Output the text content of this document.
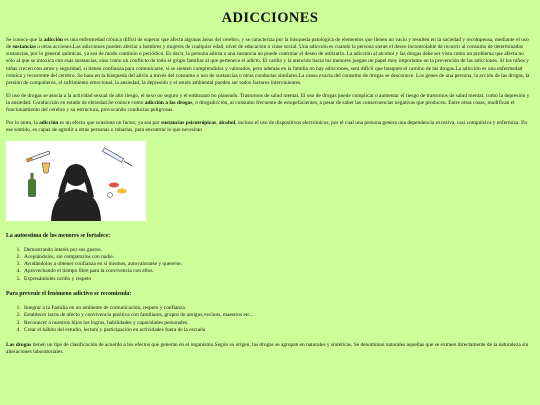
ADICCIONES

Se conoce que la adicción es una enfermedad crónica difícil de superar que afecta algunas áreas del cerebro, y se caracteriza por la búsqueda patológica de elementos que llenen un vacío y resulten en la saciedad y recompensa, mediante el uso de sustancias u otras acciones.Las adicciones pueden afectar a hombres y mujeres de cualquier edad, nivel de educación o clase social. Una adicción es cuando la persona siente el deseo incontrolable de recurrir al consumo de determinadas sustancias, por lo general químicas, ya sea de modo continúo o periódico. Es decir, la persona adicta a una sustancia no puede controlar el deseo de utilizarla. La adicción al alcohol y las drogas debe ser vista como un problema que afecta no sólo al que se intoxica con esas sustancias, sino como un conflicto de todo el grupo familiar al que pertenece el adicto. El cariño y la atención hacia los menores juegan un papel muy importante en la prevención de las adicciones. Si los niños y niñas crecen con amor y seguridad, si tienen confianza para comunicarse, si se sienten comprendidos y valorados, pero además en la familia no hay adicciones, será difícil que busquen el camino de las drogas.La adicción es una enfermedad crónica y recurrente del cerebro. Se basa en la búsqueda del alivio a través del consumo o uso de sustancias u otras conductas similares.La causa exacta del consumo de drogas se desconoce. Los genes de una persona, la acción de las drogas, la presión de compañeros, el sufrimiento emocional, la ansiedad, la depresión y el estrés ambiental pueden ser todos factores intervinientes.

El uso de drogas se asocia a la actividad sexual de alto riesgo, el sexo no seguro y el embarazo no planeado. Trastornos de salud mental. El uso de drogas puede complicar o aumentar el riesgo de trastornos de salud mental, como la depresión y la ansiedad. Conducción en estado de ebriedad.Se conoce como adicción a las drogas, o drogadicción, al consumo frecuente de estupefacientes, a pesar de saber las consecuencias negativas que producen. Entre otras cosas, modifican el funcionamiento del cerebro y su estructura, provocando conductas peligrosas.

Por lo tanto, la adicción es un efecto que ocasiona un factor, ya sea por sustancias psicotrópicas, alcohol, incluso el uso de dispositivos electrónicos, por el cual una persona genera una dependencia excesiva, casi compulsiva y enfermiza. En ese sentido, es capaz de agredir a otras personas o robarlas, para encontrar lo que necesitan

La autoestima de los menores se fortalece:
1. Demostrando interés por sus gustos.
2. Aceptándolos, sin compararlos con nadie.
3. Ayudándolos a obtener confianza en sí mismos, autovalorarse y quererse.
4. Aprovechando el tiempo libre para la convivencia con ellos.
5. Expresándoles cariño y respeto
Para prevenir el fenómeno adictivo se recomienda:
1. Integrar a la Familia en un ambiente de comunicación, respeto y confianza.
2. Establecer lazos de afecto y convivencia positiva con familiares, grupos de amigos,vecinos, maestros etc..
3. Reconocer a nuestros hijos los logros, habilidades y capacidades personales.
4. Crear el hábito del estudio, lectura y participación en actividades fuera de la escuela

Las drogas tienen un tipo de clasificación de acuerdo a los efectos que generan en el organismo.Según su origen, las drogas se agrupan en naturales y sintéticas. Se denominan naturales aquellas que se extraen directamente de la naturaleza sin alteraciones laboratoriales.
